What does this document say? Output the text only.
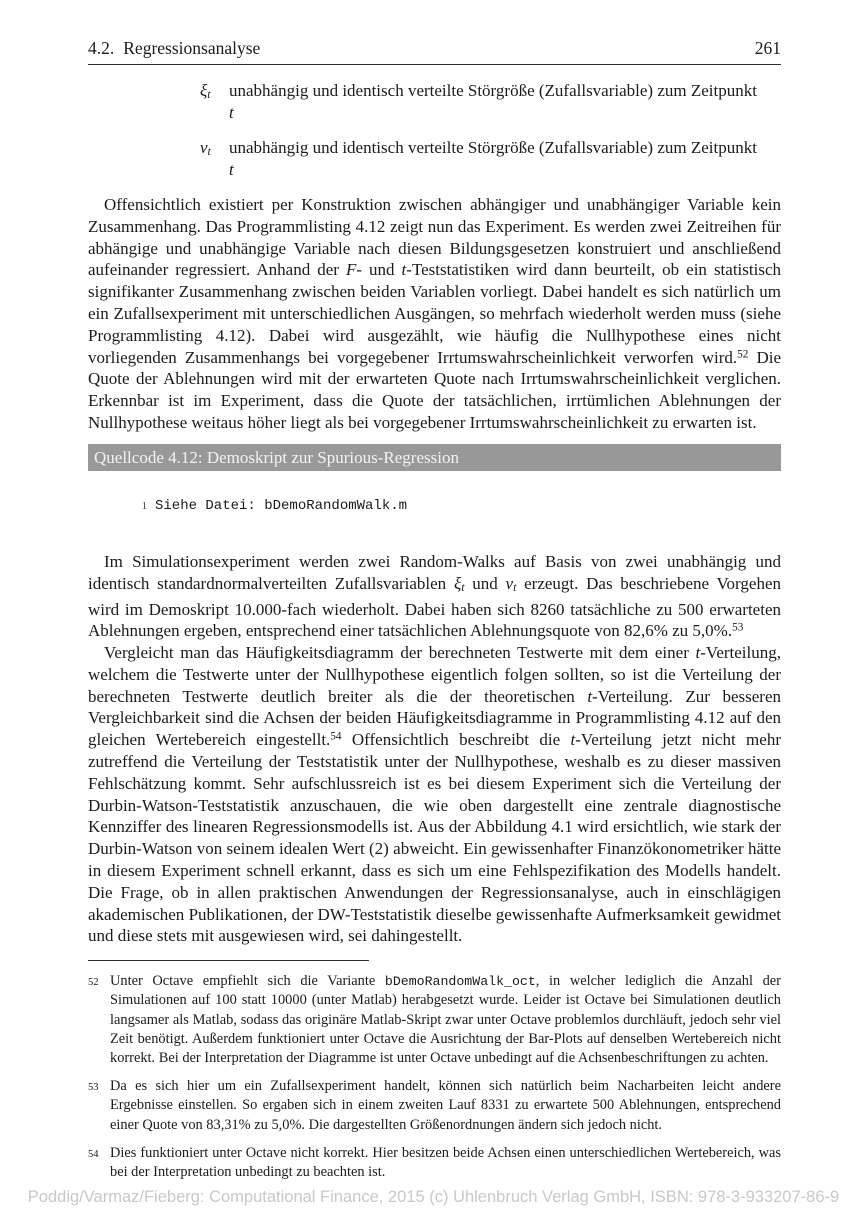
4.2. Regressionsanalyse	261
ξt	unabhängig und identisch verteilte Störgröße (Zufallsvariable) zum Zeitpunkt
t
νt	unabhängig und identisch verteilte Störgröße (Zufallsvariable) zum Zeitpunkt
t

Offensichtlich existiert per Konstruktion zwischen abhängiger und unabhängiger Variable kein Zusammenhang. Das Programmlisting 4.12 zeigt nun das Experiment. Es werden zwei Zeitreihen für abhängige und unabhängige Variable nach diesen Bildungsgesetzen konstruiert und anschließend aufeinander regressiert. Anhand der F- und t-Teststatistiken wird dann beurteilt, ob ein statistisch signifikanter Zusammenhang zwischen beiden Variablen vorliegt. Dabei handelt es sich natürlich um ein Zufallsexperiment mit unterschiedlichen Ausgängen, so mehrfach wiederholt werden muss (siehe Programmlisting 4.12). Dabei wird ausgezählt, wie häufig die Nullhypothese eines nicht vorliegenden Zusammenhangs bei vorgegebener Irrtumswahrscheinlichkeit verworfen wird.$^{52}$ Die Quote der Ablehnungen wird mit der erwarteten Quote nach Irrtumswahrscheinlichkeit verglichen. Erkennbar ist im Experiment, dass die Quote der tatsächlichen, irrtümlichen Ablehnungen der Nullhypothese weitaus höher liegt als bei vorgegebener Irrtumswahrscheinlichkeit zu erwarten ist.

Quellcode 4.12: Demoskript zur Spurious-Regression

1 Siehe Datei: bDemoRandomWalk.m

Im Simulationsexperiment werden zwei Random-Walks auf Basis von zwei unabhängig und identisch standardnormalverteilten Zufallsvariablen ξt und νt erzeugt. Das beschriebene Vorgehen wird im Demoskript 10.000-fach wiederholt. Dabei haben sich 8260 tatsächliche zu 500 erwarteten Ablehnungen ergeben, entsprechend einer tatsächlichen Ablehnungsquote von 82,6% zu 5,0%.$^{53}$

Vergleicht man das Häufigkeitsdiagramm der berechneten Testwerte mit dem einer t-Verteilung, welchem die Testwerte unter der Nullhypothese eigentlich folgen sollten, so ist die Verteilung der berechneten Testwerte deutlich breiter als die der theoretischen t-Verteilung. Zur besseren Vergleichbarkeit sind die Achsen der beiden Häufigkeitsdiagramme in Programmlisting 4.12 auf den gleichen Wertebereich eingestellt.$^{54}$ Offensichtlich beschreibt die t-Verteilung jetzt nicht mehr zutreffend die Verteilung der Teststatistik unter der Nullhypothese, weshalb es zu dieser massiven Fehlschätzung kommt. Sehr aufschlussreich ist es bei diesem Experiment sich die Verteilung der Durbin-Watson-Teststatistik anzuschauen, die wie oben dargestellt eine zentrale diagnostische Kennziffer des linearen Regressionsmodells ist. Aus der Abbildung 4.1 wird ersichtlich, wie stark der Durbin-Watson von seinem idealen Wert (2) abweicht. Ein gewissenhafter Finanzökonometriker hätte in diesem Experiment schnell erkannt, dass es sich um eine Fehlspezifikation des Modells handelt. Die Frage, ob in allen praktischen Anwendungen der Regressionsanalyse, auch in einschlägigen akademischen Publikationen, der DW-Teststatistik dieselbe gewissenhafte Aufmerksamkeit gewidmet und diese stets mit ausgewiesen wird, sei dahingestellt.

52 Unter Octave empfiehlt sich die Variante bDemoRandomWalk_oct, in welcher lediglich die Anzahl der Simulationen auf 100 statt 10000 (unter Matlab) herabgesetzt wurde. Leider ist Octave bei Simulationen deutlich langsamer als Matlab, sodass das originäre Matlab-Skript zwar unter Octave problemlos durchläuft, jedoch sehr viel Zeit benötigt. Außerdem funktioniert unter Octave die Ausrichtung der Bar-Plots auf denselben Wertebereich nicht korrekt. Bei der Interpretation der Diagramme ist unter Octave unbedingt auf die Achsenbeschriftungen zu achten.
53 Da es sich hier um ein Zufallsexperiment handelt, können sich natürlich beim Nacharbeiten leicht andere Ergebnisse einstellen. So ergaben sich in einem zweiten Lauf 8331 zu erwartete 500 Ablehnungen, entsprechend einer Quote von 83,31% zu 5,0%. Die dargestellten Größenordnungen ändern sich jedoch nicht.
54 Dies funktioniert unter Octave nicht korrekt. Hier besitzen beide Achsen einen unterschiedlichen Wertebereich, was bei der Interpretation unbedingt zu beachten ist.
Poddig/Varmaz/Fieberg: Computational Finance, 2015 (c) Uhlenbruch Verlag GmbH, ISBN: 978-3-933207-86-9
